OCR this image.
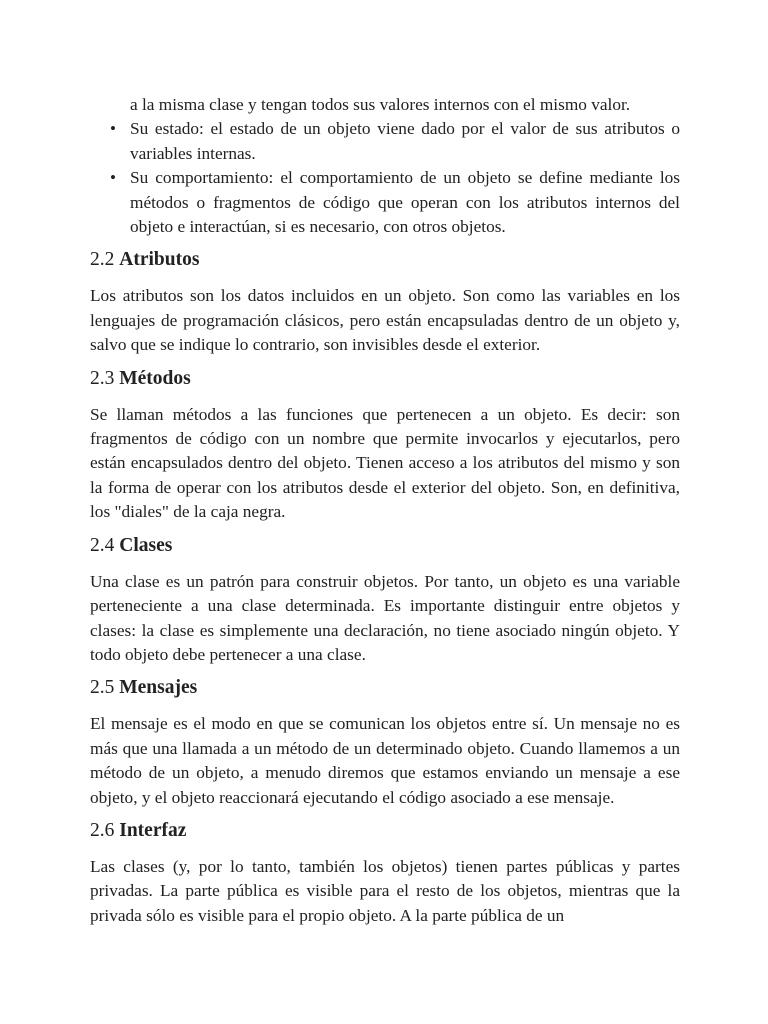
a la misma clase y tengan todos sus valores internos con el mismo valor.

• Su estado: el estado de un objeto viene dado por el valor de sus atributos o variables internas.
• Su comportamiento: el comportamiento de un objeto se define mediante los métodos o fragmentos de código que operan con los atributos internos del objeto e interactúan, si es necesario, con otros objetos.
2.2 Atributos

Los atributos son los datos incluidos en un objeto. Son como las variables en los lenguajes de programación clásicos, pero están encapsuladas dentro de un objeto y, salvo que se indique lo contrario, son invisibles desde el exterior.

2.3 Métodos

Se llaman métodos a las funciones que pertenecen a un objeto. Es decir: son fragmentos de código con un nombre que permite invocarlos y ejecutarlos, pero están encapsulados dentro del objeto. Tienen acceso a los atributos del mismo y son la forma de operar con los atributos desde el exterior del objeto. Son, en definitiva, los "diales" de la caja negra.

2.4 Clases

Una clase es un patrón para construir objetos. Por tanto, un objeto es una variable perteneciente a una clase determinada. Es importante distinguir entre objetos y clases: la clase es simplemente una declaración, no tiene asociado ningún objeto. Y todo objeto debe pertenecer a una clase.

2.5 Mensajes

El mensaje es el modo en que se comunican los objetos entre sí. Un mensaje no es más que una llamada a un método de un determinado objeto. Cuando llamemos a un método de un objeto, a menudo diremos que estamos enviando un mensaje a ese objeto, y el objeto reaccionará ejecutando el código asociado a ese mensaje.

2.6 Interfaz

Las clases (y, por lo tanto, también los objetos) tienen partes públicas y partes privadas. La parte pública es visible para el resto de los objetos, mientras que la privada sólo es visible para el propio objeto. A la parte pública de un
